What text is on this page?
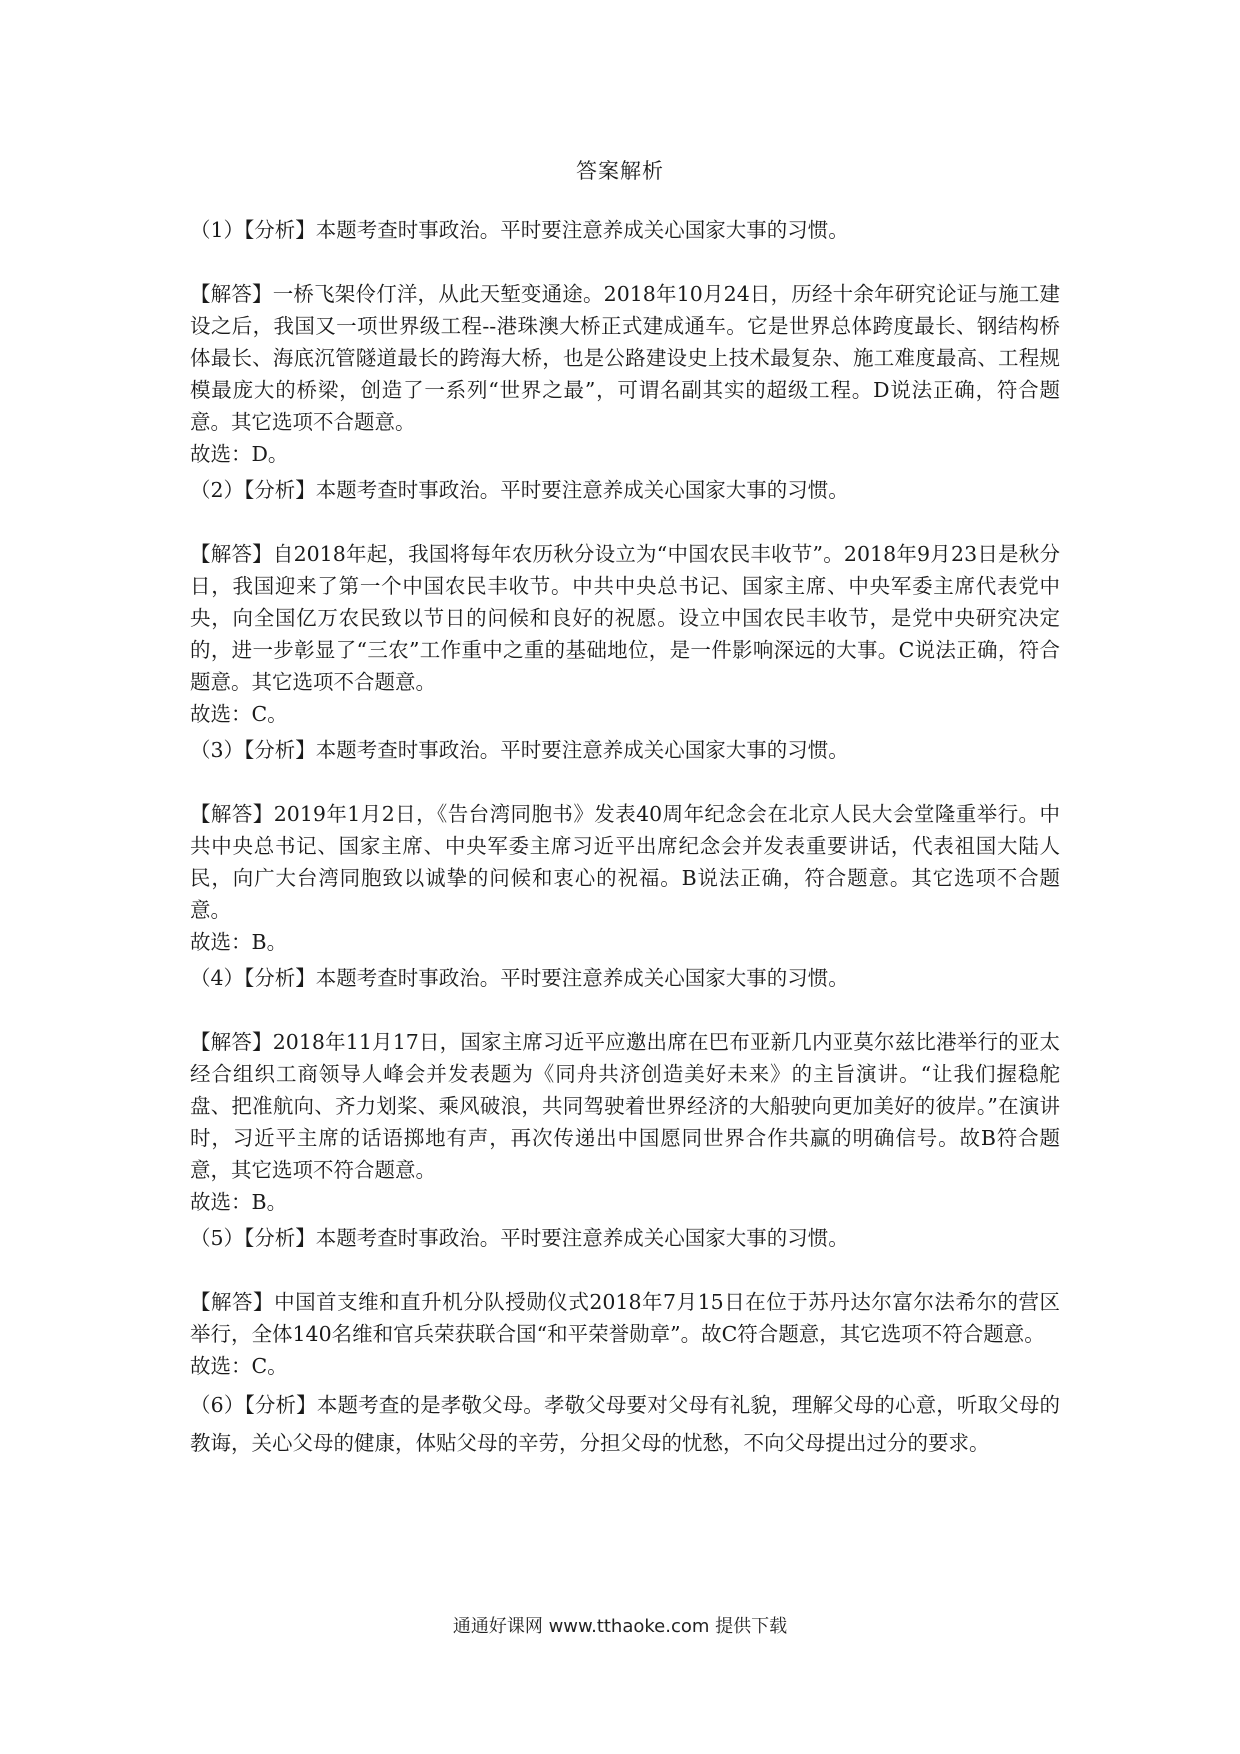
答案解析

（1）【分析】本题考查时事政治。平时要注意养成关心国家大事的习惯。

【解答】一桥飞架伶仃洋，从此天堑变通途。2018年10月24日，历经十余年研究论证与施工建设之后，我国又一项世界级工程--港珠澳大桥正式建成通车。它是世界总体跨度最长、钢结构桥体最长、海底沉管隧道最长的跨海大桥，也是公路建设史上技术最复杂、施工难度最高、工程规模最庞大的桥梁，创造了一系列“世界之最”，可谓名副其实的超级工程。D说法正确，符合题意。其它选项不合题意。

故选：D。

（2）【分析】本题考查时事政治。平时要注意养成关心国家大事的习惯。

【解答】自2018年起，我国将每年农历秋分设立为“中国农民丰收节”。2018年9月23日是秋分日，我国迎来了第一个中国农民丰收节。中共中央总书记、国家主席、中央军委主席代表党中央，向全国亿万农民致以节日的问候和良好的祝愿。设立中国农民丰收节，是党中央研究决定的，进一步彰显了“三农”工作重中之重的基础地位，是一件影响深远的大事。C说法正确，符合题意。其它选项不合题意。

故选：C。

（3）【分析】本题考查时事政治。平时要注意养成关心国家大事的习惯。

【解答】2019年1月2日，《告台湾同胞书》发表40周年纪念会在北京人民大会堂隆重举行。中共中央总书记、国家主席、中央军委主席习近平出席纪念会并发表重要讲话，代表祖国大陆人民，向广大台湾同胞致以诚挚的问候和衷心的祝福。B说法正确，符合题意。其它选项不合题意。

故选：B。

（4）【分析】本题考查时事政治。平时要注意养成关心国家大事的习惯。

【解答】2018年11月17日，国家主席习近平应邀出席在巴布亚新几内亚莫尔兹比港举行的亚太经合组织工商领导人峰会并发表题为《同舟共济创造美好未来》的主旨演讲。“让我们握稳舵盘、把准航向、齐力划桨、乘风破浪，共同驾驶着世界经济的大船驶向更加美好的彼岸。”在演讲时，习近平主席的话语掷地有声，再次传递出中国愿同世界合作共赢的明确信号。故B符合题意，其它选项不符合题意。

故选：B。

（5）【分析】本题考查时事政治。平时要注意养成关心国家大事的习惯。

【解答】中国首支维和直升机分队授勋仪式2018年7月15日在位于苏丹达尔富尔法希尔的营区举行，全体140名维和官兵荣获联合国“和平荣誉勋章”。故C符合题意，其它选项不符合题意。

故选：C。

（6）【分析】本题考查的是孝敬父母。孝敬父母要对父母有礼貌，理解父母的心意，听取父母的教诲，关心父母的健康，体贴父母的辛劳，分担父母的忧愁，不向父母提出过分的要求。

通通好课网 www.tthaoke.com 提供下载
